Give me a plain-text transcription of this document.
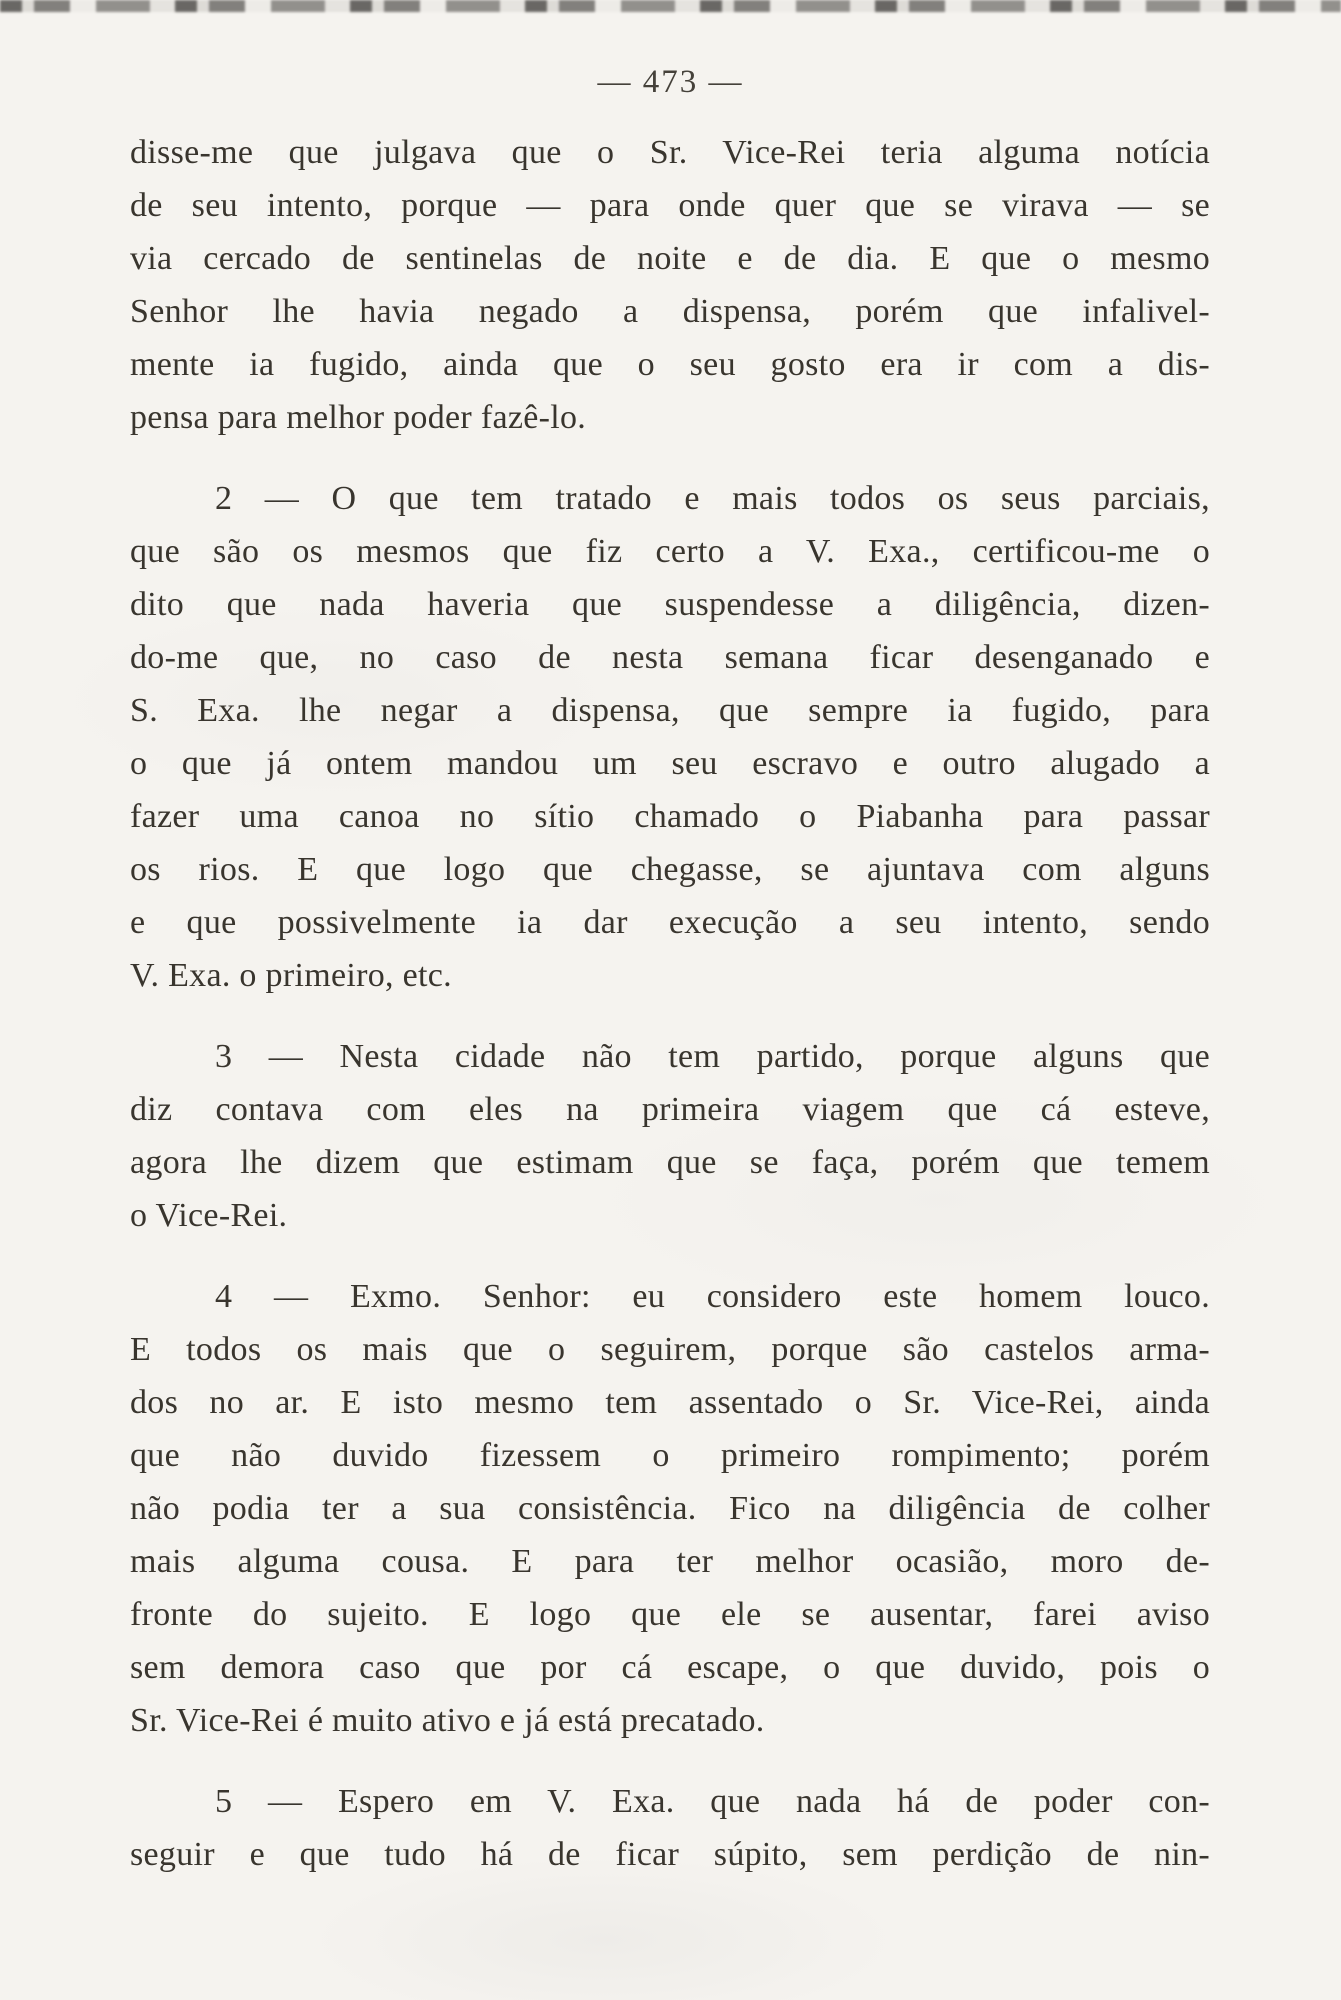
— 473 —
disse-me que julgava que o Sr. Vice-Rei teria alguma notícia
de seu intento, porque — para onde quer que se virava — se
via cercado de sentinelas de noite e de dia. E que o mesmo
Senhor lhe havia negado a dispensa, porém que infalivel-
mente ia fugido, ainda que o seu gosto era ir com a dis-
pensa para melhor poder fazê-lo.
2 — O que tem tratado e mais todos os seus parciais,
que são os mesmos que fiz certo a V. Exa., certificou-me o
dito que nada haveria que suspendesse a diligência, dizen-
do-me que, no caso de nesta semana ficar desenganado e
S. Exa. lhe negar a dispensa, que sempre ia fugido, para
o que já ontem mandou um seu escravo e outro alugado a
fazer uma canoa no sítio chamado o Piabanha para passar
os rios. E que logo que chegasse, se ajuntava com alguns
e que possivelmente ia dar execução a seu intento, sendo
V. Exa. o primeiro, etc.
3 — Nesta cidade não tem partido, porque alguns que
diz contava com eles na primeira viagem que cá esteve,
agora lhe dizem que estimam que se faça, porém que temem
o Vice-Rei.
4 — Exmo. Senhor: eu considero este homem louco.
E todos os mais que o seguirem, porque são castelos arma-
dos no ar. E isto mesmo tem assentado o Sr. Vice-Rei, ainda
que não duvido fizessem o primeiro rompimento; porém
não podia ter a sua consistência. Fico na diligência de colher
mais alguma cousa. E para ter melhor ocasião, moro de-
fronte do sujeito. E logo que ele se ausentar, farei aviso
sem demora caso que por cá escape, o que duvido, pois o
Sr. Vice-Rei é muito ativo e já está precatado.
5 — Espero em V. Exa. que nada há de poder con-
seguir e que tudo há de ficar súpito, sem perdição de nin-
